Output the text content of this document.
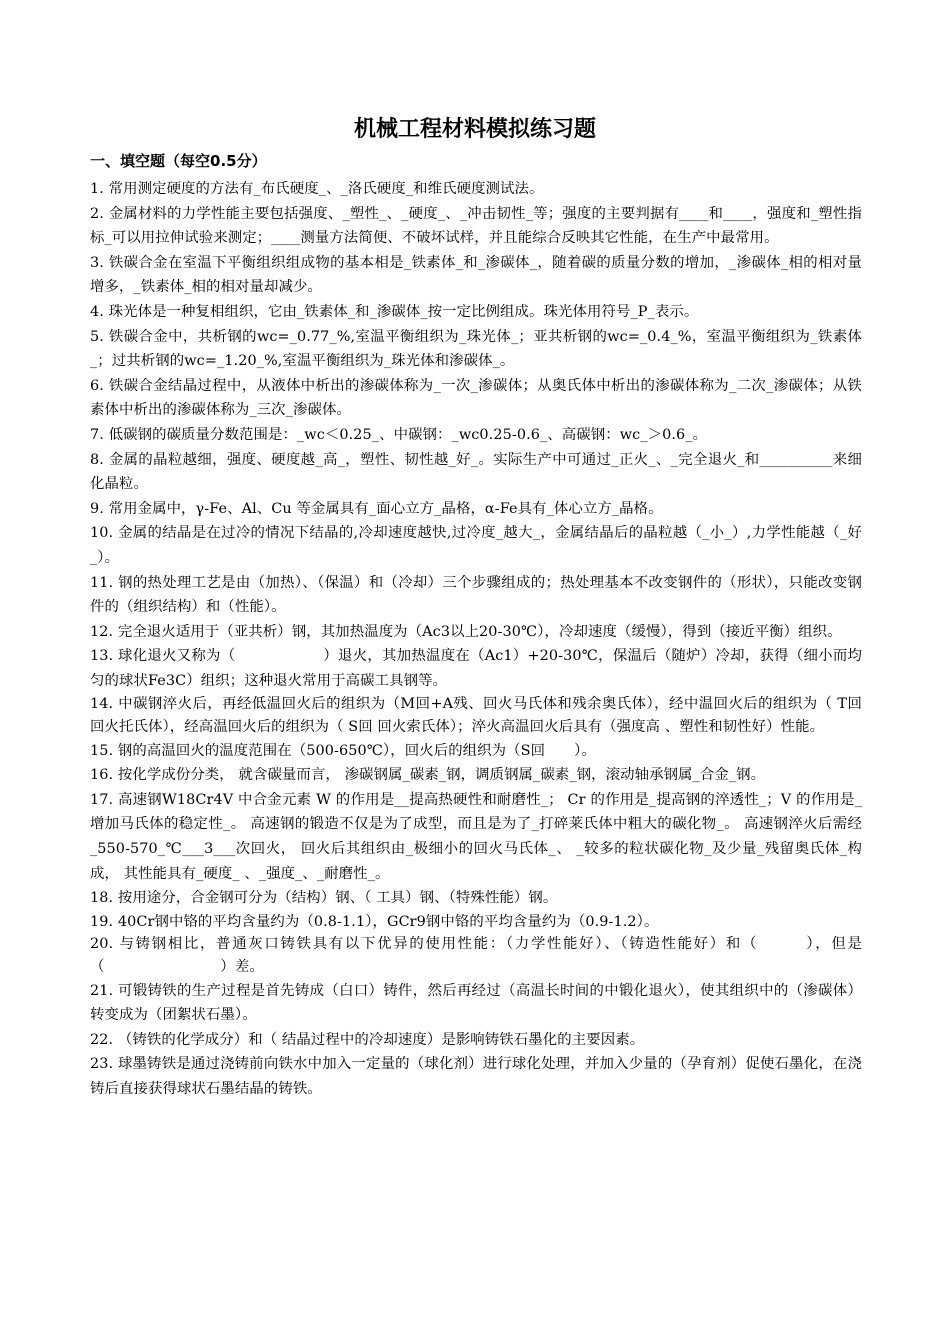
机械工程材料模拟练习题
一、填空题（每空0.5分）

1. 常用测定硬度的方法有_布氏硬度_、_洛氏硬度_和维氏硬度测试法。

2. 金属材料的力学性能主要包括强度、_塑性_、_硬度_、_冲击韧性_等；强度的主要判据有____和____，强度和_塑性指标_可以用拉伸试验来测定；____测量方法简便、不破坏试样，并且能综合反映其它性能，在生产中最常用。

3. 铁碳合金在室温下平衡组织组成物的基本相是_铁素体_和_渗碳体_，随着碳的质量分数的增加，_渗碳体_相的相对量增多，_铁素体_相的相对量却减少。

4. 珠光体是一种复相组织，它由_铁素体_和_渗碳体_按一定比例组成。珠光体用符号_P_表示。

5. 铁碳合金中，共析钢的wc=_0.77_%,室温平衡组织为_珠光体_；亚共析钢的wc=_0.4_%，室温平衡组织为_铁素体_；过共析钢的wc=_1.20_%,室温平衡组织为_珠光体和渗碳体_。

6. 铁碳合金结晶过程中，从液体中析出的渗碳体称为_一次_渗碳体；从奥氏体中析出的渗碳体称为_二次_渗碳体；从铁素体中析出的渗碳体称为_三次_渗碳体。

7. 低碳钢的碳质量分数范围是：_wc＜0.25_、中碳钢：_wc0.25-0.6_、高碳钢：wc_＞0.6_。

8. 金属的晶粒越细，强度、硬度越_高_，塑性、韧性越_好_。实际生产中可通过_正火_、_完全退火_和__________来细化晶粒。

9. 常用金属中，γ-Fe、Al、Cu 等金属具有_面心立方_晶格，α-Fe具有_体心立方_晶格。

10. 金属的结晶是在过冷的情况下结晶的,冷却速度越快,过冷度_越大_，金属结晶后的晶粒越（_小_）,力学性能越（_好_）。

11. 钢的热处理工艺是由（加热）、（保温）和（冷却）三个步骤组成的；热处理基本不改变钢件的（形状），只能改变钢件的（组织结构）和（性能）。

12. 完全退火适用于（亚共析）钢，其加热温度为（Ac3以上20-30℃），冷却速度（缓慢），得到（接近平衡）组织。

13. 球化退火又称为（　　　　　　）退火，其加热温度在（Ac1）+20-30℃，保温后（随炉）冷却，获得（细小而均匀的球状Fe3C）组织；这种退火常用于高碳工具钢等。

14. 中碳钢淬火后，再经低温回火后的组织为（M回+A残、回火马氏体和残余奥氏体），经中温回火后的组织为（ T回 回火托氏体），经高温回火后的组织为（ S回 回火索氏体）；淬火高温回火后具有（强度高 、塑性和韧性好）性能。

15. 钢的高温回火的温度范围在（500-650℃），回火后的组织为（S回　　）。

16. 按化学成份分类， 就含碳量而言， 渗碳钢属_碳素_钢，调质钢属_碳素_钢，滚动轴承钢属_合金_钢。

17. 高速钢W18Cr4V 中合金元素 W 的作用是__提高热硬性和耐磨性_； Cr 的作用是_提高钢的淬透性_；V 的作用是_增加马氏体的稳定性_。 高速钢的锻造不仅是为了成型，而且是为了_打碎莱氏体中粗大的碳化物_。 高速钢淬火后需经_550-570_℃___3___次回火， 回火后其组织由_极细小的回火马氏体_、 _较多的粒状碳化物_及少量_残留奥氏体_构成， 其性能具有_硬度_ 、_强度_、_耐磨性_。

18. 按用途分，合金钢可分为（结构）钢、（ 工具）钢、（特殊性能）钢。

19. 40Cr钢中铬的平均含量约为（0.8-1.1），GCr9钢中铬的平均含量约为（0.9-1.2）。

20. 与铸钢相比，普通灰口铸铁具有以下优异的使用性能：（力学性能好）、（铸造性能好）和（　　　），但是（　　　　　　　　）差。

21. 可锻铸铁的生产过程是首先铸成（白口）铸件，然后再经过（高温长时间的中锻化退火），使其组织中的（渗碳体）转变成为（团絮状石墨）。

22. （铸铁的化学成分）和（ 结晶过程中的冷却速度）是影响铸铁石墨化的主要因素。

23. 球墨铸铁是通过浇铸前向铁水中加入一定量的（球化剂）进行球化处理，并加入少量的（孕育剂）促使石墨化，在浇铸后直接获得球状石墨结晶的铸铁。
